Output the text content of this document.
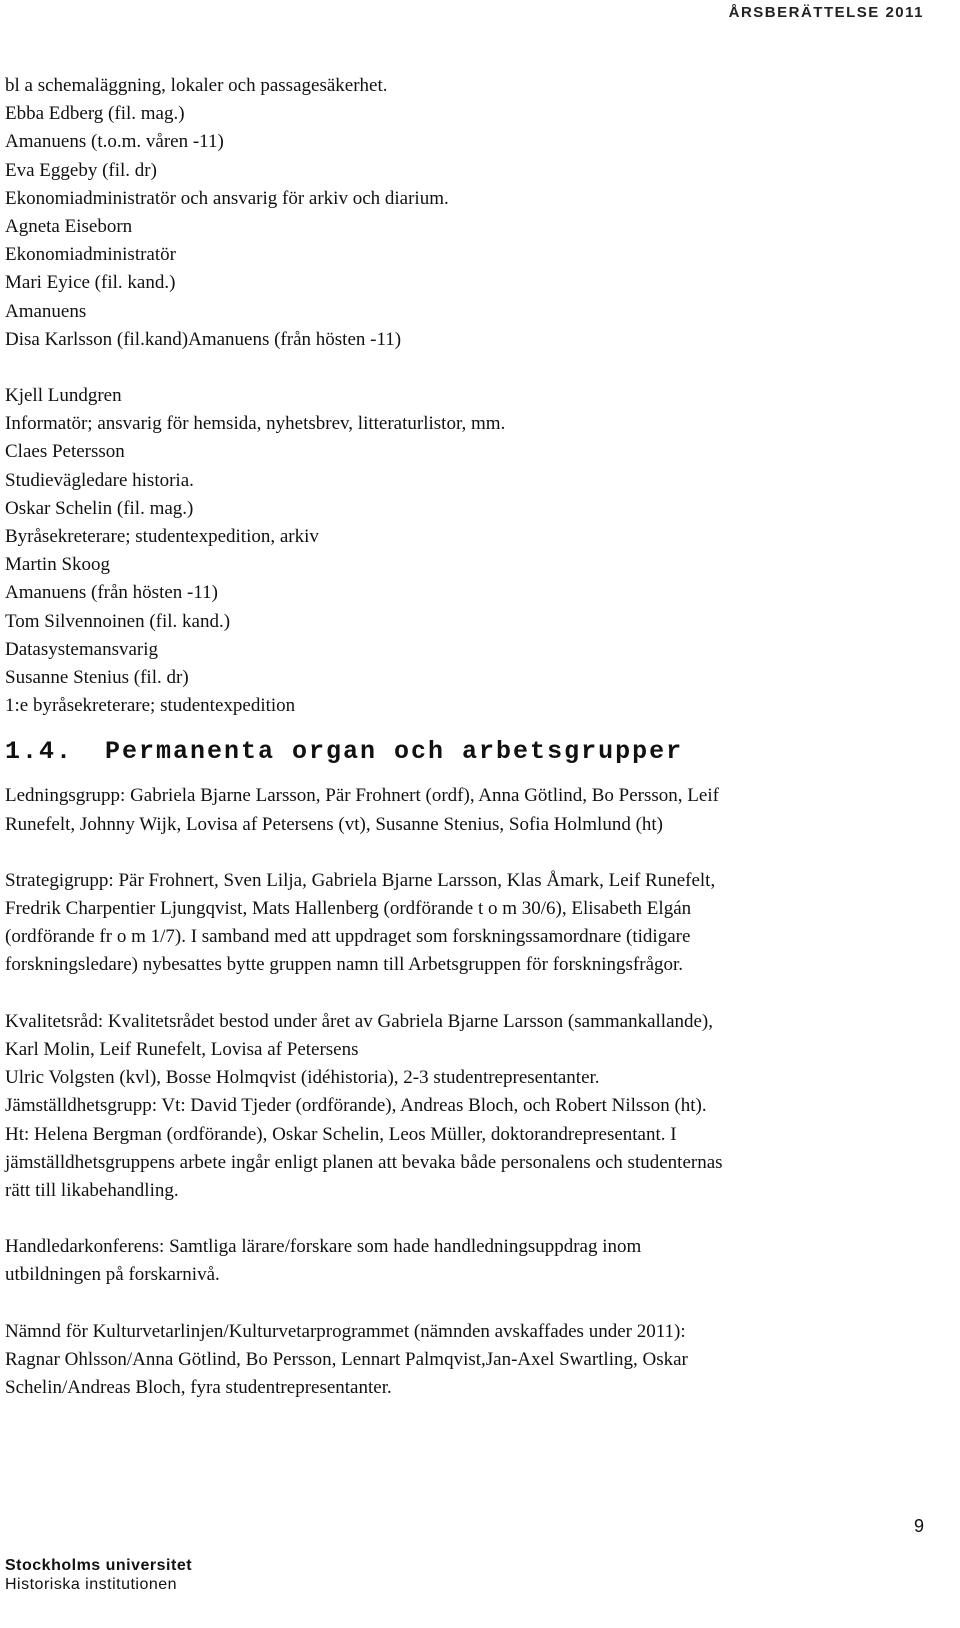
ÅRSBERÄTTELSE 2011
bl a schemaläggning, lokaler och passagesäkerhet.
Ebba Edberg (fil. mag.)
Amanuens (t.o.m. våren -11)
Eva Eggeby (fil. dr)
Ekonomiadministratör och ansvarig för arkiv och diarium.
Agneta Eiseborn
Ekonomiadministratör
Mari Eyice (fil. kand.)
Amanuens
Disa Karlsson (fil.kand)Amanuens (från hösten -11)
Kjell Lundgren
Informatör; ansvarig för hemsida, nyhetsbrev, litteraturlistor, mm.
Claes Petersson
Studievägledare historia.
Oskar Schelin (fil. mag.)
Byråsekreterare; studentexpedition, arkiv
Martin Skoog
Amanuens (från hösten -11)
Tom Silvennoinen (fil. kand.)
Datasystemansvarig
Susanne Stenius (fil. dr)
1:e byråsekreterare; studentexpedition
1.4. Permanenta organ och arbetsgrupper
Ledningsgrupp: Gabriela Bjarne Larsson, Pär Frohnert (ordf), Anna Götlind, Bo Persson, Leif
Runefelt, Johnny Wijk, Lovisa af Petersens (vt), Susanne Stenius, Sofia Holmlund (ht)
Strategigrupp: Pär Frohnert, Sven Lilja, Gabriela Bjarne Larsson, Klas Åmark, Leif Runefelt,
Fredrik Charpentier Ljungqvist, Mats Hallenberg (ordförande t o m 30/6), Elisabeth Elgán
(ordförande fr o m 1/7). I samband med att uppdraget som forskningssamordnare (tidigare
forskningsledare) nybesattes bytte gruppen namn till Arbetsgruppen för forskningsfrågor.
Kvalitetsråd: Kvalitetsrådet bestod under året av Gabriela Bjarne Larsson (sammankallande),
Karl Molin, Leif Runefelt, Lovisa af Petersens
Ulric Volgsten (kvl), Bosse Holmqvist (idéhistoria), 2-3 studentrepresentanter.
Jämställdhetsgrupp: Vt: David Tjeder (ordförande), Andreas Bloch, och Robert Nilsson (ht).
Ht: Helena Bergman (ordförande), Oskar Schelin, Leos Müller, doktorandrepresentant. I
jämställdhetsgruppens arbete ingår enligt planen att bevaka både personalens och studenternas
rätt till likabehandling.
Handledarkonferens: Samtliga lärare/forskare som hade handledningsuppdrag inom
utbildningen på forskarnivå.
Nämnd för Kulturvetarlinjen/Kulturvetarprogrammet (nämnden avskaffades under 2011):
Ragnar Ohlsson/Anna Götlind, Bo Persson, Lennart Palmqvist,Jan-Axel Swartling, Oskar
Schelin/Andreas Bloch, fyra studentrepresentanter.
9
Stockholms universitet
Historiska institutionen
